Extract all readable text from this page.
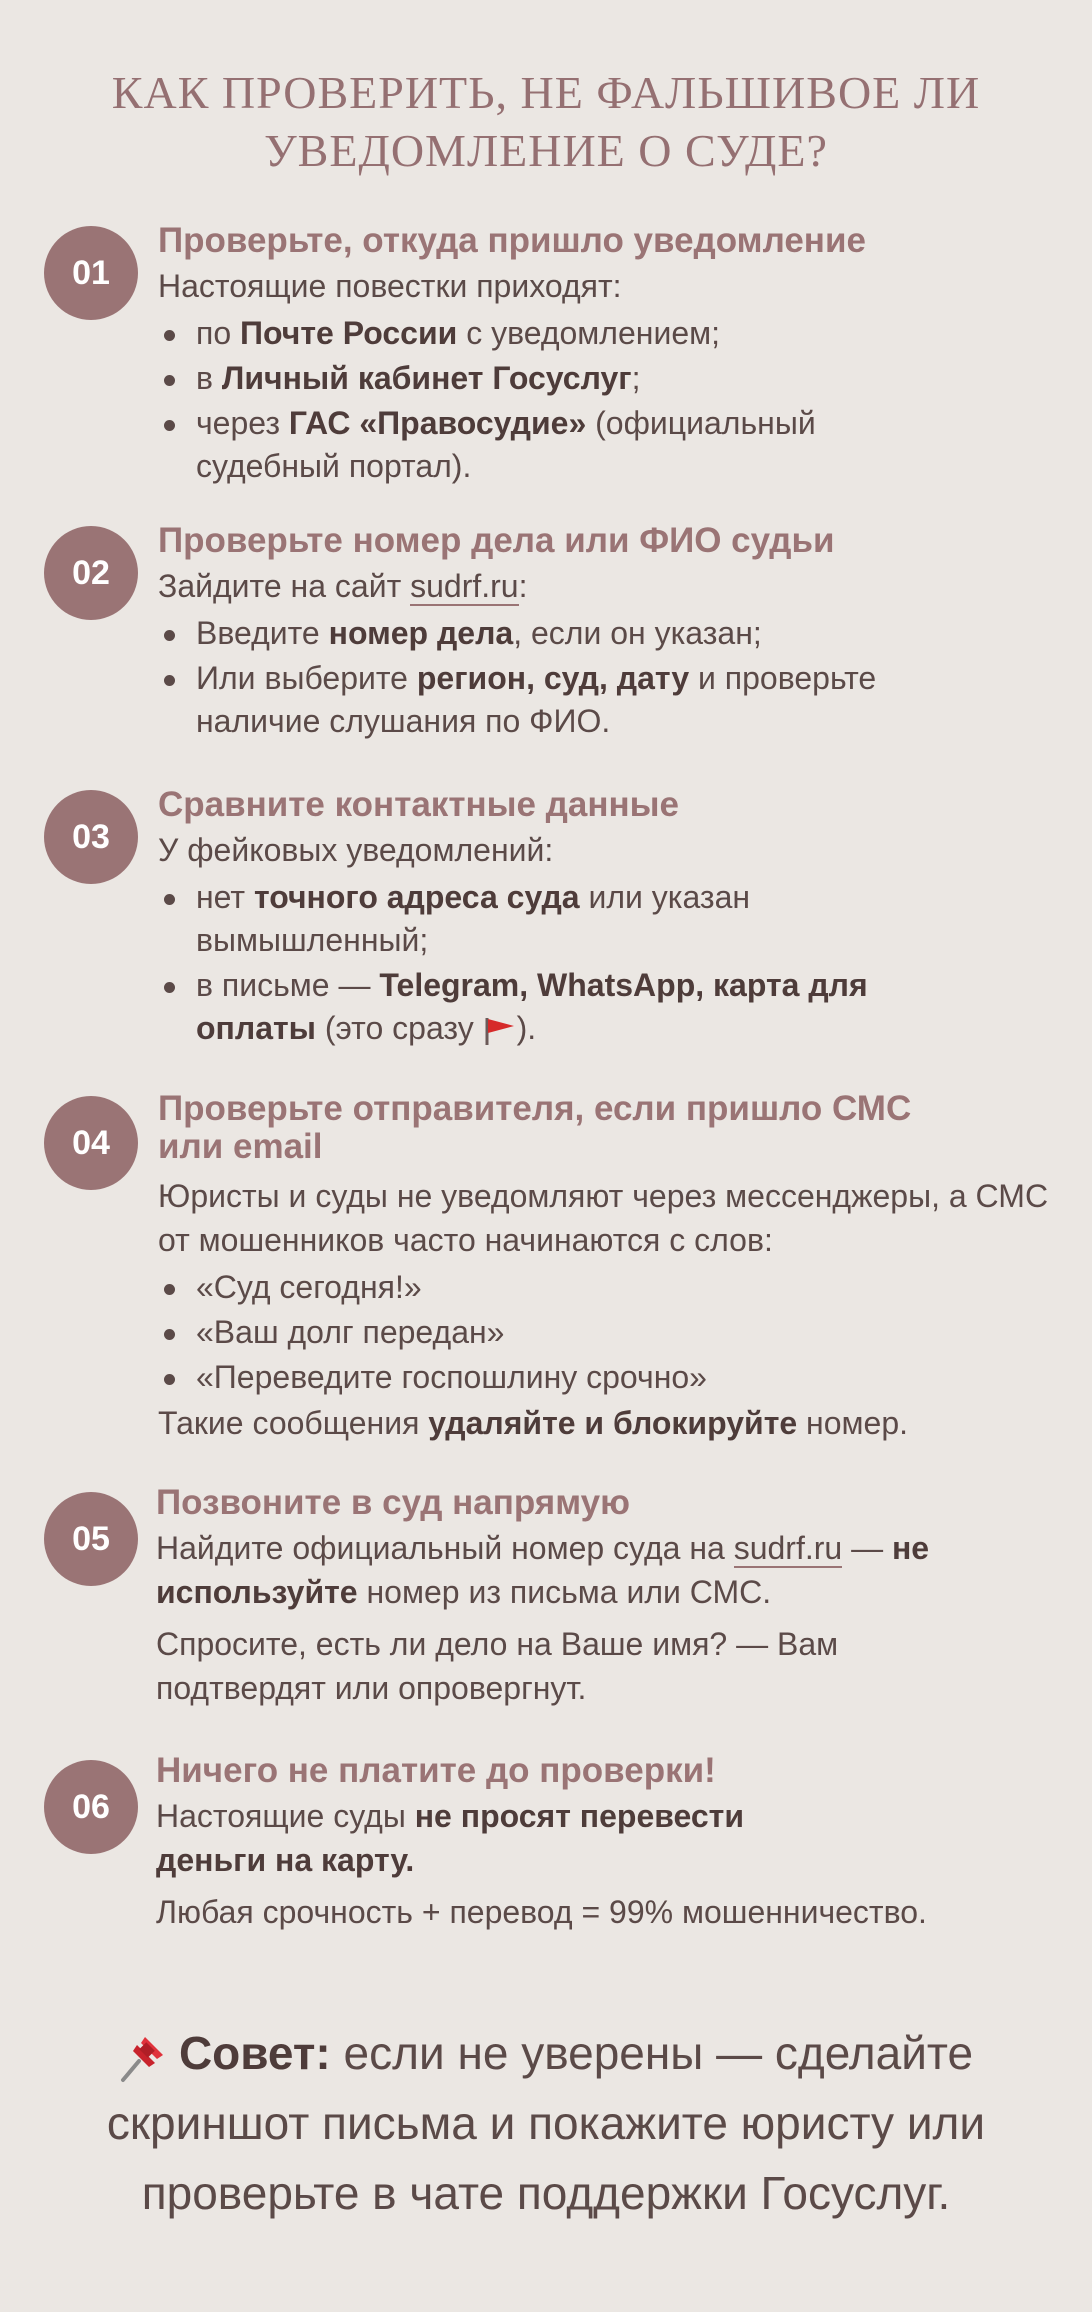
КАК ПРОВЕРИТЬ, НЕ ФАЛЬШИВОЕ ЛИ УВЕДОМЛЕНИЕ О СУДЕ?
01
Проверьте, откуда пришло уведомление

Настоящие повестки приходят:

по Почте России с уведомлением;
в Личный кабинет Госуслуг;
через ГАС «Правосудие» (официальный судебный портал).
02
Проверьте номер дела или ФИО судьи

Зайдите на сайт sudrf.ru:

Введите номер дела, если он указан;
Или выберите регион, суд, дату и проверьте наличие слушания по ФИО.
03
Сравните контактные данные

У фейковых уведомлений:

нет точного адреса суда или указан вымышленный;
в письме — Telegram, WhatsApp, карта для оплаты (это сразу ).
04
Проверьте отправителя, если пришло СМС или email

Юристы и суды не уведомляют через мессенджеры, а СМС от мошенников часто начинаются с слов:

«Суд сегодня!»
«Ваш долг передан»
«Переведите госпошлину срочно»

Такие сообщения удаляйте и блокируйте номер.

05
Позвоните в суд напрямую

Найдите официальный номер суда на sudrf.ru — не используйте номер из письма или СМС.

Спросите, есть ли дело на Ваше имя? — Вам подтвердят или опровергнут.

06
Ничего не платите до проверки!

Настоящие суды не просят перевести деньги на карту.

Любая срочность + перевод = 99% мошенничество.

Совет: если не уверены — сделайте скриншот письма и покажите юристу или проверьте в чате поддержки Госуслуг.
